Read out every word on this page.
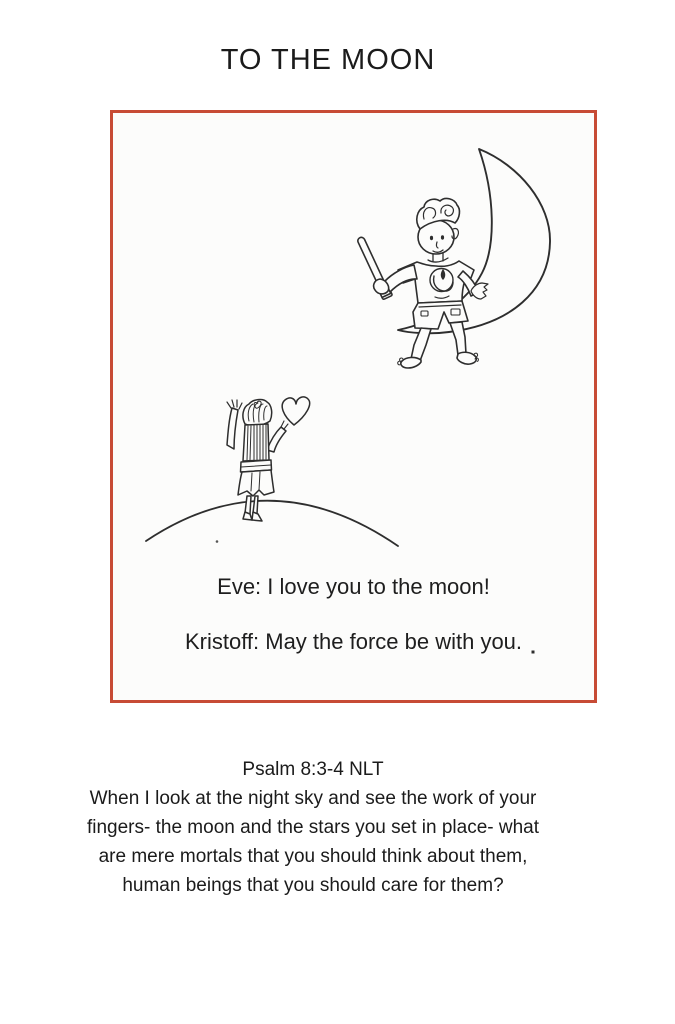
TO THE MOON
Eve: I love you to the moon!
Kristoff: May the force be with you.
Psalm 8:3-4 NLT
When I look at the night sky and see the work of your
fingers- the moon and the stars you set in place- what
are mere mortals that you should think about them,
human beings that you should care for them?
